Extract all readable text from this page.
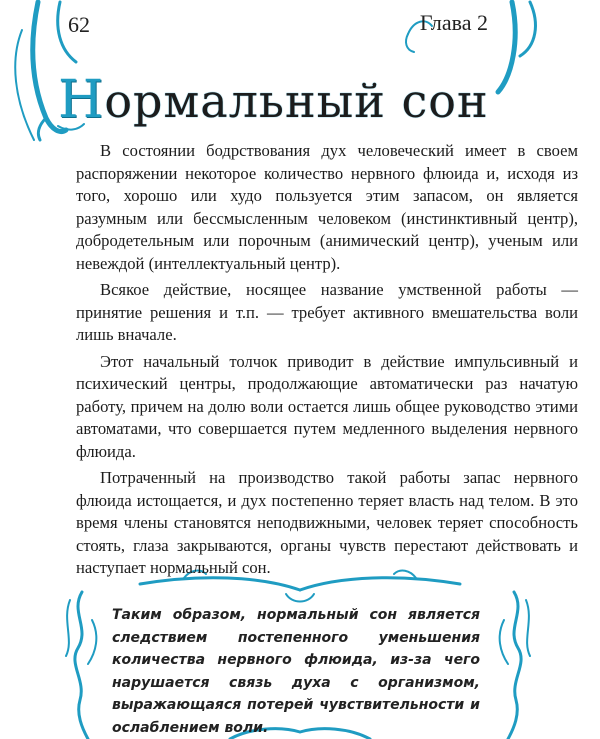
62	Глава 2
Нормальный сон

В состоянии бодрствования дух человеческий имеет в своем распоряжении некоторое количество нервного флюида и, исходя из того, хорошо или худо пользуется этим запасом, он является разумным или бессмысленным человеком (инстинктивный центр), добродетельным или порочным (анимический центр), ученым или невеждой (интеллектуальный центр).

Всякое действие, носящее название умственной работы — принятие решения и т.п. — требует активного вмешательства воли лишь вначале.

Этот начальный толчок приводит в действие импульсивный и психический центры, продолжающие автоматически раз начатую работу, причем на долю воли остается лишь общее руководство этими автоматами, что совершается путем медленного выделения нервного флюида.

Потраченный на производство такой работы запас нервного флюида истощается, и дух постепенно теряет власть над телом. В это время члены становятся неподвижными, человек теряет способность стоять, глаза закрываются, органы чувств перестают действовать и наступает нормальный сон.

Таким образом, нормальный сон является следствием постепенного уменьшения количества нервного флюида, из-за чего нарушается связь духа с организмом, выражающаяся потерей чувствительности и ослаблением воли.
